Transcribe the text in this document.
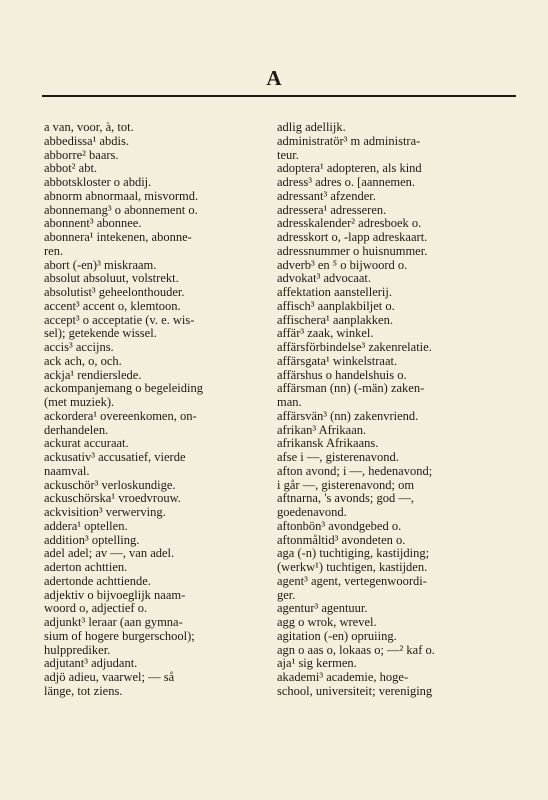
A
a van, voor, à, tot.
abbedissa¹ abdis.
abborre² baars.
abbot² abt.
abbotskloster o abdij.
abnorm abnormaal, misvormd.
abonnemang³ o abonnement o.
abonnent³ abonnee.
abonnera¹ intekenen, abonne-
ren.
abort (-en)³ miskraam.
absolut absoluut, volstrekt.
absolutist³ geheelonthouder.
accent³ accent o, klemtoon.
accept³ o acceptatie (v. e. wis-
sel); getekende wissel.
accis³ accijns.
ack ach, o, och.
ackja¹ rendierslede.
ackompanjemang o begeleiding
(met muziek).
ackordera¹ overeenkomen, on-
derhandelen.
ackurat accuraat.
ackusativ³ accusatief, vierde
naamval.
ackuschör³ verloskundige.
ackuschörska¹ vroedvrouw.
ackvisition³ verwerving.
addera¹ optellen.
addition³ optelling.
adel adel; av —, van adel.
aderton achttien.
adertonde achttiende.
adjektiv o bijvoeglijk naam-
woord o, adjectief o.
adjunkt³ leraar (aan gymna-
sium of hogere burgerschool);
hulpprediker.
adjutant³ adjudant.
adjö adieu, vaarwel; — så
länge, tot ziens.
adlig adellijk.
administratör³ m administra-
teur.
adoptera¹ adopteren, als kind
adress³ adres o. [aannemen.
adressant³ afzender.
adressera¹ adresseren.
adresskalender² adresboek o.
adresskort o, -lapp adreskaart.
adressnummer o huisnummer.
adverb³ en ⁵ o bijwoord o.
advokat³ advocaat.
affektation aanstellerij.
affisch³ aanplakbiljet o.
affischera¹ aanplakken.
affär³ zaak, winkel.
affärsförbindelse³ zakenrelatie.
affärsgata¹ winkelstraat.
affärshus o handelshuis o.
affärsman (nn) (-män) zaken-
man.
affärsvän³ (nn) zakenvriend.
afrikan³ Afrikaan.
afrikansk Afrikaans.
afse i —, gisterenavond.
afton avond; i —, hedenavond;
i går —, gisterenavond; om
aftnarna, 's avonds; god —,
goedenavond.
aftonbön³ avondgebed o.
aftonmåltid³ avondeten o.
aga (-n) tuchtiging, kastijding;
(werkw¹) tuchtigen, kastijden.
agent³ agent, vertegenwoordi-
ger.
agentur³ agentuur.
agg o wrok, wrevel.
agitation (-en) opruiing.
agn o aas o, lokaas o; —² kaf o.
aja¹ sig kermen.
akademi³ academie, hoge-
school, universiteit; vereniging
